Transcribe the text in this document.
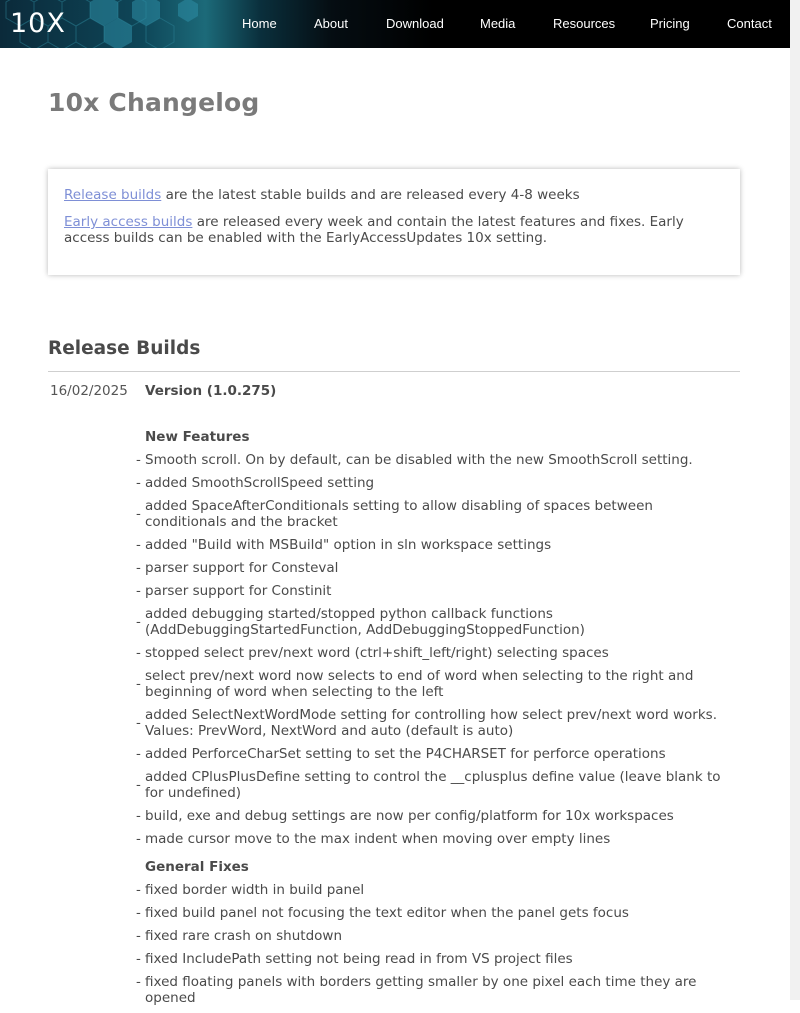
10X	Home	About	Download	Media	Resources	Pricing	Contact
10x Changelog

Release builds are the latest stable builds and are released every 4-8 weeks

Early access builds are released every week and contain the latest features and fixes. Early access builds can be enabled with the EarlyAccessUpdates 10x setting.

Release Builds
16/02/2025 Version (1.0.275)
New Features
- Smooth scroll. On by default, can be disabled with the new SmoothScroll setting.
- added SmoothScrollSpeed setting
- added SpaceAfterConditionals setting to allow disabling of spaces between conditionals and the bracket
- added "Build with MSBuild" option in sln workspace settings
- parser support for Consteval
- parser support for Constinit
- added debugging started/stopped python callback functions (AddDebuggingStartedFunction, AddDebuggingStoppedFunction)
- stopped select prev/next word (ctrl+shift_left/right) selecting spaces
- select prev/next word now selects to end of word when selecting to the right and beginning of word when selecting to the left
- added SelectNextWordMode setting for controlling how select prev/next word works. Values: PrevWord, NextWord and auto (default is auto)
- added PerforceCharSet setting to set the P4CHARSET for perforce operations
- added CPlusPlusDefine setting to control the __cplusplus define value (leave blank to for undefined)
- build, exe and debug settings are now per config/platform for 10x workspaces
- made cursor move to the max indent when moving over empty lines
General Fixes
- fixed border width in build panel
- fixed build panel not focusing the text editor when the panel gets focus
- fixed rare crash on shutdown
- fixed IncludePath setting not being read in from VS project files
- fixed floating panels with borders getting smaller by one pixel each time they are opened
